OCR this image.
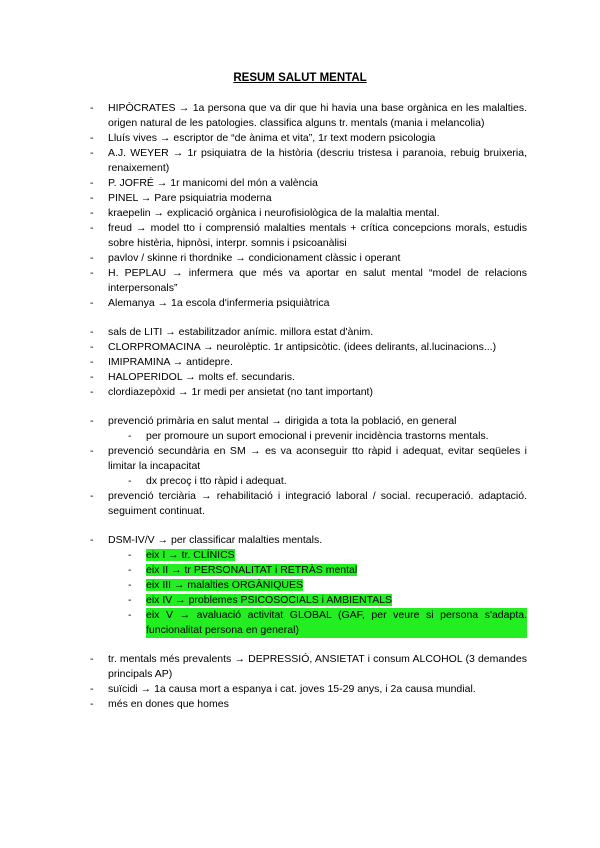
RESUM SALUT MENTAL

- HIPÒCRATES → 1a persona que va dir que hi havia una base orgànica en les malalties. origen natural de les patologies. classifica alguns tr. mentals (mania i melancolia)

- Lluís vives → escriptor de “de ànima et vita”, 1r text modern psicologia

- A.J. WEYER → 1r psiquiatra de la història (descriu tristesa i paranoia, rebuig bruixeria, renaixement)

- P. JOFRÉ → 1r manicomi del món a valència

- PINEL → Pare psiquiatria moderna

- kraepelin → explicació orgànica i neurofisiològica de la malaltia mental.

- freud → model tto i comprensió malalties mentals + crítica concepcions morals, estudis sobre histèria, hipnòsi, interpr. somnis i psicoanàlisi

- pavlov / skinne ri thordnike → condicionament clàssic i operant

- H. PEPLAU → infermera que més va aportar en salut mental “model de relacions interpersonals”

- Alemanya → 1a escola d'infermeria psiquiàtrica

- sals de LITI → estabilitzador anímic. millora estat d'ànim.

- CLORPROMACINA → neurolèptic. 1r antipsicòtic. (idees delirants, al.lucinacions...)

- IMIPRAMINA → antidepre.

- HALOPERIDOL → molts ef. secundaris.

- clordiazepòxid → 1r medi per ansietat (no tant important)

- prevenció primària en salut mental → dirigida a tota la població, en general

- per promoure un suport emocional i prevenir incidència trastorns mentals.

- prevenció secundària en SM → es va aconseguir tto ràpid i adequat, evitar seqüeles i limitar la incapacitat

- dx precoç i tto ràpid i adequat.

- prevenció terciària → rehabilitació i integració laboral / social. recuperació. adaptació. seguiment continuat.

- DSM-IV/V → per classificar malalties mentals.

- eix I → tr. CLÍNICS

- eix II → tr PERSONALITAT i RETRÀS mental

- eix III → malalties ORGÀNIQUES

- eix IV → problemes PSICOSOCIALS i AMBIENTALS

- eix V → avaluació activitat GLOBAL (GAF, per veure si persona s'adapta. funcionalitat persona en general)

- tr. mentals més prevalents → DEPRESSIÓ, ANSIETAT i consum ALCOHOL (3 demandes principals AP)

- suïcidi → 1a causa mort a espanya i cat. joves 15-29 anys, i 2a causa mundial.

- més en dones que homes
